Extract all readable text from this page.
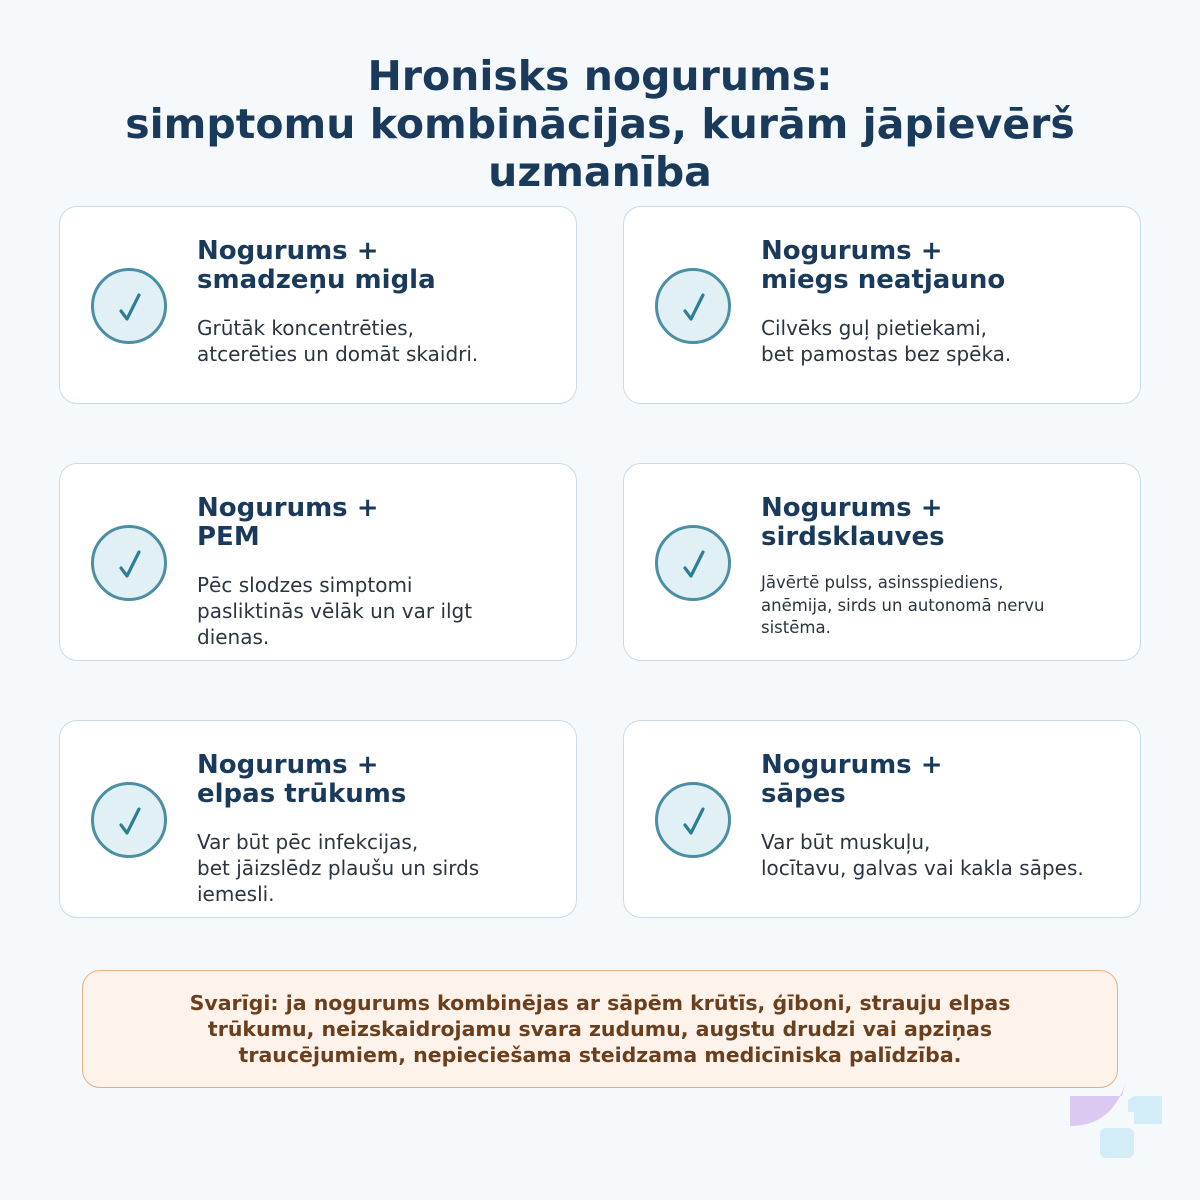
Hronisks nogurums:
simptomu kombinācijas, kurām jāpievērš
uzmanība
Nogurums +
smadzeņu migla
Grūtāk koncentrēties,
atcerēties un domāt skaidri.
Nogurums +
miegs neatjauno
Cilvēks guļ pietiekami,
bet pamostas bez spēka.
Nogurums +
PEM
Pēc slodzes simptomi
pasliktinās vēlāk un var ilgt
dienas.
Nogurums +
sirdsklauves
Jāvērtē pulss, asinsspiediens,
anēmija, sirds un autonomā nervu
sistēma.
Nogurums +
elpas trūkums
Var būt pēc infekcijas,
bet jāizslēdz plaušu un sirds
iemesli.
Nogurums +
sāpes
Var būt muskuļu,
locītavu, galvas vai kakla sāpes.
Svarīgi: ja nogurums kombinējas ar sāpēm krūtīs, ģīboni, strauju elpas
trūkumu, neizskaidrojamu svara zudumu, augstu drudzi vai apziņas
traucējumiem, nepieciešama steidzama medicīniska palīdzība.
